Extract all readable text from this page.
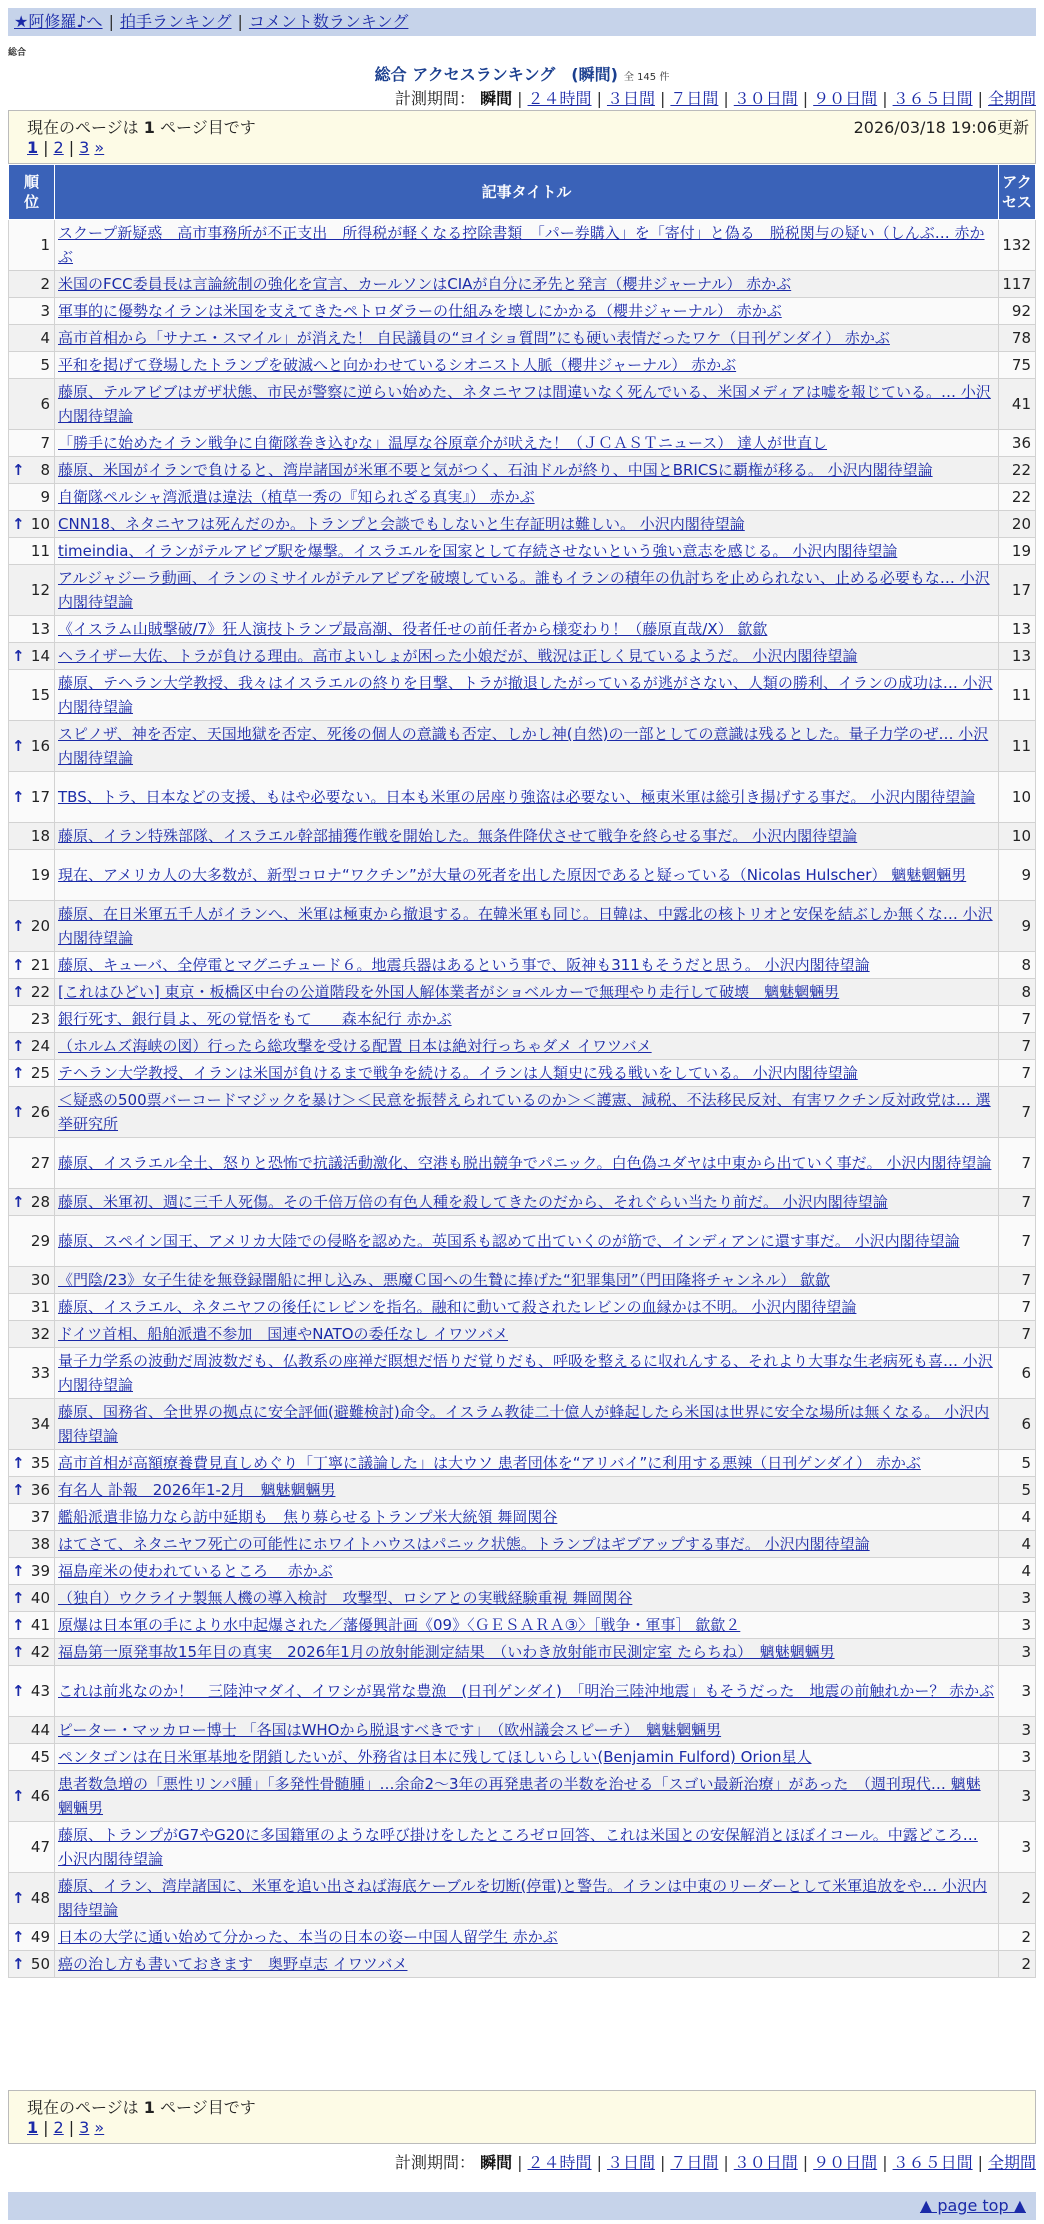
★阿修羅♪へ | 拍手ランキング | コメント数ランキング
総合
総合 アクセスランキング　(瞬間) 全 145 件
計測期間： 瞬間 | ２４時間 | ３日間 | ７日間 | ３０日間 | ９０日間 | ３６５日間 | 全期間
現在のページは 1 ページ目です	2026/03/18 19:06更新
1 | 2 | 3 »
順位	記事タイトル	アクセス
1	スクープ新疑惑　高市事務所が不正支出　所得税が軽くなる控除書類　「パー券購入」を「寄付」と偽る　脱税関与の疑い（しんぶ… 赤かぶ	132
2	米国のFCC委員長は言論統制の強化を宣言、カールソンはCIAが自分に矛先と発言（櫻井ジャーナル） 赤かぶ	117
3	軍事的に優勢なイランは米国を支えてきたペトロダラーの仕組みを壊しにかかる（櫻井ジャーナル） 赤かぶ	92
4	高市首相から「サナエ・スマイル」が消えた！ 自民議員の“ヨイショ質問”にも硬い表情だったワケ（日刊ゲンダイ） 赤かぶ	78
5	平和を掲げて登場したトランプを破滅へと向かわせているシオニスト人脈（櫻井ジャーナル） 赤かぶ	75
6	藤原、テルアビブはガザ状態、市民が警察に逆らい始めた、ネタニヤフは間違いなく死んでいる、米国メディアは嘘を報じている。… 小沢内閣待望論	41
7	「勝手に始めたイラン戦争に自衛隊巻き込むな」温厚な谷原章介が吠えた！（ＪＣＡＳＴニュース） 達人が世直し	36

↑ 8	藤原、米国がイランで負けると、湾岸諸国が米軍不要と気がつく、石油ドルが終り、中国とBRICSに覇権が移る。 小沢内閣待望論	22
9	自衛隊ペルシャ湾派遣は違法（植草一秀の『知られざる真実』） 赤かぶ	22

↑ 10	CNN18、ネタニヤフは死んだのか。トランプと会談でもしないと生存証明は難しい。 小沢内閣待望論	20
11	timeindia、イランがテルアビブ駅を爆撃。イスラエルを国家として存続させないという強い意志を感じる。 小沢内閣待望論	19
12	アルジャジーラ動画、イランのミサイルがテルアビブを破壊している。誰もイランの積年の仇討ちを止められない、止める必要もな… 小沢内閣待望論	17
13	《イスラム山賊撃破/7》狂人演技トランプ最高潮、役者任せの前任者から様変わり！（藤原直哉/X） 歙歙	13

↑ 14	ヘライザー大佐、トラが負ける理由。高市よいしょが困った小娘だが、戦況は正しく見ているようだ。 小沢内閣待望論	13
15	藤原、テヘラン大学教授、我々はイスラエルの終りを目撃、トラが撤退したがっているが逃がさない、人類の勝利、イランの成功は… 小沢内閣待望論	11

↑ 16	スピノザ、神を否定、天国地獄を否定、死後の個人の意識も否定、しかし神(自然)の一部としての意識は残るとした。量子力学のぜ… 小沢内閣待望論	11

↑ 17	TBS、トラ、日本などの支援、もはや必要ない。日本も米軍の居座り強盗は必要ない、極東米軍は総引き揚げする事だ。 小沢内閣待望論	10
18	藤原、イラン特殊部隊、イスラエル幹部捕獲作戦を開始した。無条件降伏させて戦争を終らせる事だ。 小沢内閣待望論	10
19	現在、アメリカ人の大多数が、新型コロナ“ワクチン”が大量の死者を出した原因であると疑っている（Nicolas Hulscher） 魑魅魍魎男	9

↑ 20	藤原、在日米軍五千人がイランへ、米軍は極東から撤退する。在韓米軍も同じ。日韓は、中露北の核トリオと安保を結ぶしか無くな… 小沢内閣待望論	9

↑ 21	藤原、キューバ、全停電とマグニチュード６。地震兵器はあるという事で、阪神も311もそうだと思う。 小沢内閣待望論	8

↑ 22	[これはひどい] 東京・板橋区中台の公道階段を外国人解体業者がショベルカーで無理やり走行して破壊　魑魅魍魎男	8
23	銀行死す、銀行員よ、死の覚悟をもて　　森本紀行 赤かぶ	7

↑ 24	（ホルムズ海峡の図）行ったら総攻撃を受ける配置 日本は絶対行っちゃダメ イワツバメ	7

↑ 25	テヘラン大学教授、イランは米国が負けるまで戦争を続ける。イランは人類史に残る戦いをしている。 小沢内閣待望論	7

↑ 26	＜疑惑の500票バーコードマジックを暴け＞＜民意を振替えられているのか＞＜護憲、減税、不法移民反対、有害ワクチン反対政党は… 選挙研究所	7
27	藤原、イスラエル全土、怒りと恐怖で抗議活動激化、空港も脱出競争でパニック。白色偽ユダヤは中東から出ていく事だ。 小沢内閣待望論	7

↑ 28	藤原、米軍初、週に三千人死傷。その千倍万倍の有色人種を殺してきたのだから、それぐらい当たり前だ。 小沢内閣待望論	7
29	藤原、スペイン国王、アメリカ大陸での侵略を認めた。英国系も認めて出ていくのが筋で、インディアンに還す事だ。 小沢内閣待望論	7
30	《門陰/23》女子生徒を無登録闇船に押し込み、悪魔Ｃ国への生贄に捧げた“犯罪集団”（門田隆将チャンネル） 歙歙	7
31	藤原、イスラエル、ネタニヤフの後任にレビンを指名。融和に動いて殺されたレビンの血縁かは不明。 小沢内閣待望論	7
32	ドイツ首相、船舶派遣不参加　国連やNATOの委任なし イワツバメ	7
33	量子力学系の波動だ周波数だも、仏教系の座禅だ瞑想だ悟りだ覚りだも、呼吸を整えるに収れんする、それより大事な生老病死も喜… 小沢内閣待望論	6
34	藤原、国務省、全世界の拠点に安全評価(避難検討)命令。イスラム教徒二十億人が蜂起したら米国は世界に安全な場所は無くなる。 小沢内閣待望論	6

↑ 35	高市首相が高額療養費見直しめぐり「丁寧に議論した」は大ウソ 患者団体を“アリバイ”に利用する悪辣（日刊ゲンダイ） 赤かぶ	5

↑ 36	有名人 訃報　2026年1-2月　魑魅魍魎男	5
37	艦船派遣非協力なら訪中延期も　焦り募らせるトランプ米大統領 舞岡関谷	4
38	はてさて、ネタニヤフ死亡の可能性にホワイトハウスはパニック状態。トランプはギブアップする事だ。 小沢内閣待望論	4

↑ 39	福島産米の使われているところ　 赤かぶ	4

↑ 40	（独自）ウクライナ製無人機の導入検討　攻撃型、ロシアとの実戦経験重視 舞岡関谷	3

↑ 41	原爆は日本軍の手により水中起爆された／藩優興計画《09》〈ＧＥＳＡＲＡ③〉［戦争・軍事］ 歙歙２	3

↑ 42	福島第一原発事故15年目の真実　2026年1月の放射能測定結果　（いわき放射能市民測定室 たらちね）　魑魅魍魎男	3

↑ 43	これは前兆なのか！　三陸沖マダイ、イワシが異常な豊漁　(日刊ゲンダイ)　「明治三陸沖地震」もそうだった　地震の前触れかー？ 赤かぶ	3
44	ピーター・マッカロー博士 「各国はWHOから脱退すべきです」　（欧州議会スピーチ）　魑魅魍魎男	3
45	ペンタゴンは在日米軍基地を閉鎖したいが、外務省は日本に残してほしいらしい(Benjamin Fulford) Orion星人	3

↑ 46	患者数急増の「悪性リンパ腫」「多発性骨髄腫」…余命2～3年の再発患者の半数を治せる「スゴい最新治療」があった　（週刊現代… 魑魅魍魎男	3
47	藤原、トランプがG7やG20に多国籍軍のような呼び掛けをしたところゼロ回答、これは米国との安保解消とほぼイコール。中露どころ… 小沢内閣待望論	3

↑ 48	藤原、イラン、湾岸諸国に、米軍を追い出さねば海底ケーブルを切断(停電)と警告。イランは中東のリーダーとして米軍追放をや… 小沢内閣待望論	2

↑ 49	日本の大学に通い始めて分かった、本当の日本の姿ー中国人留学生 赤かぶ	2

↑ 50	癌の治し方も書いておきます　奥野卓志 イワツバメ	2
現在のページは 1 ページ目です
1 | 2 | 3 »
計測期間： 瞬間 | ２４時間 | ３日間 | ７日間 | ３０日間 | ９０日間 | ３６５日間 | 全期間
▲ page top ▲
